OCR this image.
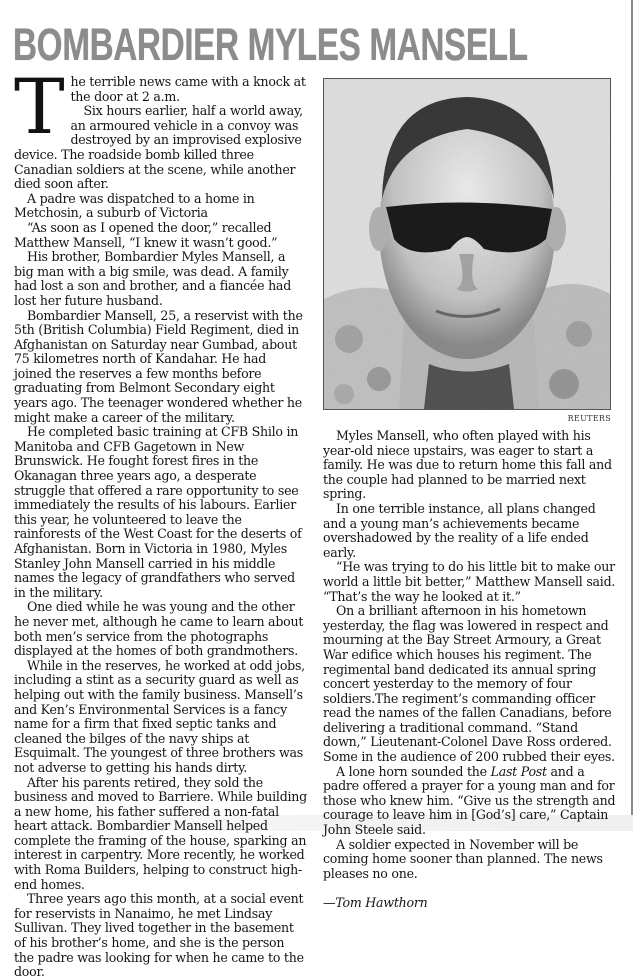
BOMBARDIER MYLES MANSELL

The terrible news came with a knock at the door at 2 a.m.

Six hours earlier, half a world away, an armoured vehicle in a convoy was destroyed by an improvised explosive device. The roadside bomb killed three Canadian soldiers at the scene, while another died soon after.

A padre was dispatched to a home in Metchosin, a suburb of Victoria

“As soon as I opened the door,” recalled Matthew Mansell, “I knew it wasn’t good.”

His brother, Bombardier Myles Mansell, a big man with a big smile, was dead. A family had lost a son and brother, and a fiancée had lost her future husband.

Bombardier Mansell, 25, a reservist with the 5th (British Columbia) Field Regiment, died in Afghanistan on Saturday near Gumbad, about 75 kilometres north of Kandahar. He had joined the reserves a few months before graduating from Belmont Secondary eight years ago. The teenager wondered whether he might make a career of the military.

He completed basic training at CFB Shilo in Manitoba and CFB Gagetown in New Brunswick. He fought forest fires in the Okanagan three years ago, a desperate struggle that offered a rare opportunity to see immediately the results of his labours. Earlier this year, he volunteered to leave the rainforests of the West Coast for the deserts of Afghanistan. Born in Victoria in 1980, Myles Stanley John Mansell carried in his middle names the legacy of grandfathers who served in the military.

One died while he was young and the other he never met, although he came to learn about both men’s service from the photographs displayed at the homes of both grandmothers.

While in the reserves, he worked at odd jobs, including a stint as a security guard as well as helping out with the family business. Mansell’s and Ken’s Environmental Services is a fancy name for a firm that fixed septic tanks and cleaned the bilges of the navy ships at Esquimalt. The youngest of three brothers was not adverse to getting his hands dirty.

After his parents retired, they sold the business and moved to Barriere. While building a new home, his father suffered a non-fatal heart attack. Bombardier Mansell helped complete the framing of the house, sparking an interest in carpentry. More recently, he worked with Roma Builders, helping to construct high-end homes.

Three years ago this month, at a social event for reservists in Nanaimo, he met Lindsay Sullivan. They lived together in the basement of his brother’s home, and she is the person the padre was looking for when he came to the door.

REUTERS

Myles Mansell, who often played with his year-old niece upstairs, was eager to start a family. He was due to return home this fall and the couple had planned to be married next spring.

In one terrible instance, all plans changed and a young man’s achievements became overshadowed by the reality of a life ended early.

“He was trying to do his little bit to make our world a little bit better,” Matthew Mansell said. “That’s the way he looked at it.”

On a brilliant afternoon in his hometown yesterday, the flag was lowered in respect and mourning at the Bay Street Armoury, a Great War edifice which houses his regiment. The regimental band dedicated its annual spring concert yesterday to the memory of four soldiers.The regiment’s commanding officer read the names of the fallen Canadians, before delivering a traditional command. “Stand down,” Lieutenant-Colonel Dave Ross ordered. Some in the audience of 200 rubbed their eyes.

A lone horn sounded the Last Post and a padre offered a prayer for a young man and for those who knew him. “Give us the strength and courage to leave him in [God’s] care,” Captain John Steele said.

A soldier expected in November will be coming home sooner than planned. The news pleases no one.

—Tom Hawthorn
